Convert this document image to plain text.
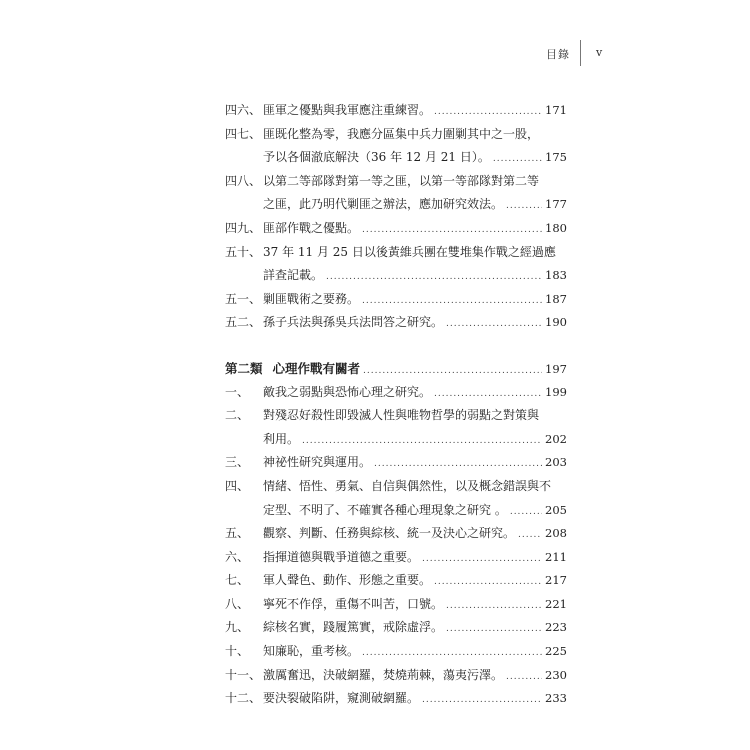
目錄 v
四六、 匪軍之優點與我軍應注重練習。 .....	171
四七、 匪既化整為零，我應分區集中兵力圍剿其中之一股，
予以各個澈底解決（36 年 12 月 21 日）。 .....	175
四八、 以第二等部隊對第一等之匪，以第一等部隊對第二等
之匪，此乃明代剿匪之辦法，應加研究效法。 .....	177
四九、 匪部作戰之優點。 .....	180
五十、 37 年 11 月 25 日以後黃維兵團在雙堆集作戰之經過應
詳查記載。 .....	183
五一、 剿匪戰術之要務。 .....	187
五二、 孫子兵法與孫吳兵法問答之研究。 .....	190
第二類 心理作戰有關者 .....	197
一、	敵我之弱點與恐怖心理之研究。 .....	199
二、	對殘忍好殺性即毀滅人性與唯物哲學的弱點之對策與
利用。 .....	202
三、	神祕性研究與運用。 .....	203
四、	情緒、悟性、勇氣、自信與偶然性，以及概念錯誤與不
定型、不明了、不確實各種心理現象之研究 。 .....	205
五、	觀察、判斷、任務與綜核、統一及決心之研究。 .....	208
六、	指揮道德與戰爭道德之重要。 .....	211
七、	軍人聲色、動作、形態之重要。 .....	217
八、	寧死不作俘，重傷不叫苦，口號。 .....	221
九、	綜核名實，踐履篤實，戒除虛浮。 .....	223
十、	知廉恥，重考核。 .....	225
十一、 激厲奮迅，決破網羅，焚燒荊棘，蕩夷污澤。 .....	230
十二、 要決裂破陷阱，窺測破網羅。 .....	233
